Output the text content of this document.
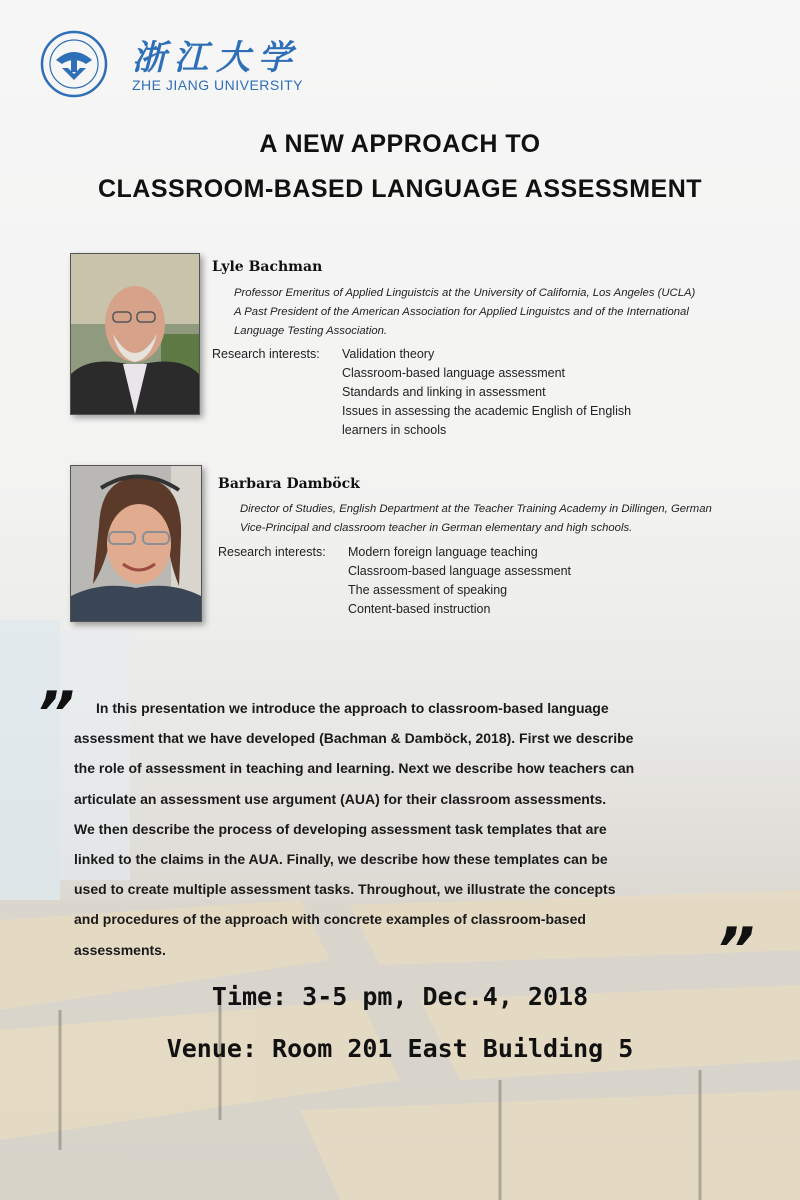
浙江大学
ZHE JIANG UNIVERSITY
A NEW APPROACH TO
CLASSROOM-BASED LANGUAGE ASSESSMENT
Lyle Bachman
Professor Emeritus of Applied Linguistcis at the University of California, Los Angeles (UCLA)
A Past President of the American Association for Applied Linguistcs and of the International
Language Testing Association.
Research interests: Validation theory
Classroom-based language assessment
Standards and linking in assessment
Issues in assessing the academic English of English
learners in schools
Barbara Damböck
Director of Studies, English Department at the Teacher Training Academy in Dillingen, German
Vice-Principal and classroom teacher in German elementary and high schools.
Research interests: Modern foreign language teaching
Classroom-based language assessment
The assessment of speaking
Content-based instruction
”	In this presentation we introduce the approach to classroom-based language
assessment that we have developed (Bachman & Damböck, 2018). First we describe
the role of assessment in teaching and learning. Next we describe how teachers can
articulate an assessment use argument (AUA) for their classroom assessments.
We then describe the process of developing assessment task templates that are
linked to the claims in the AUA. Finally, we describe how these templates can be
used to create multiple assessment tasks. Throughout, we illustrate the concepts
and procedures of the approach with concrete examples of classroom-based
assessments.	”
Time: 3-5 pm, Dec.4, 2018
Venue: Room 201 East Building 5
